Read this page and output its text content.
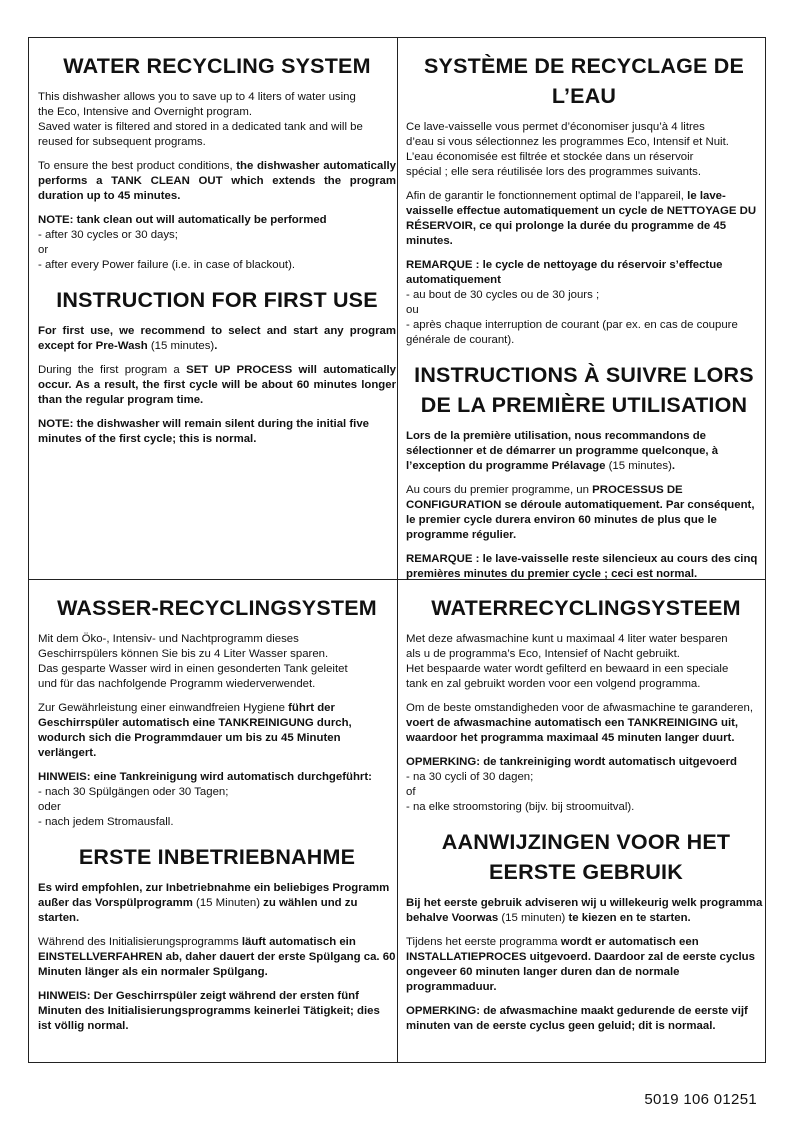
WATER RECYCLING SYSTEM

This dishwasher allows you to save up to 4 liters of water using
the Eco, Intensive and Overnight program.
Saved water is filtered and stored in a dedicated tank and will be
reused for subsequent programs.

To ensure the best product conditions, the dishwasher automatically performs a TANK CLEAN OUT which extends the program duration up to 45 minutes.

NOTE: tank clean out will automatically be performed
- after 30 cycles or 30 days;
or
- after every Power failure (i.e. in case of blackout).

INSTRUCTION FOR FIRST USE

For first use, we recommend to select and start any program except for Pre-Wash (15 minutes).

During the first program a SET UP PROCESS will automatically occur. As a result, the first cycle will be about 60 minutes longer than the regular program time.

NOTE: the dishwasher will remain silent during the initial five minutes of the first cycle; this is normal.

SYSTÈME DE RECYCLAGE DE L’EAU

Ce lave-vaisselle vous permet d’économiser jusqu’à 4 litres
d’eau si vous sélectionnez les programmes Eco, Intensif et Nuit.
L’eau économisée est filtrée et stockée dans un réservoir
spécial ; elle sera réutilisée lors des programmes suivants.

Afin de garantir le fonctionnement optimal de l’appareil, le lave-vaisselle effectue automatiquement un cycle de NETTOYAGE DU RÉSERVOIR, ce qui prolonge la durée du programme de 45 minutes.

REMARQUE : le cycle de nettoyage du réservoir s’effectue automatiquement
- au bout de 30 cycles ou de 30 jours ;
ou
- après chaque interruption de courant (par ex. en cas de coupure générale de courant).

INSTRUCTIONS À SUIVRE LORS DE LA PREMIÈRE UTILISATION

Lors de la première utilisation, nous recommandons de sélectionner et de démarrer un programme quelconque, à l’exception du programme Prélavage (15 minutes).

Au cours du premier programme, un PROCESSUS DE CONFIGURATION se déroule automatiquement. Par conséquent, le premier cycle durera environ 60 minutes de plus que le programme régulier.

REMARQUE : le lave-vaisselle reste silencieux au cours des cinq premières minutes du premier cycle ; ceci est normal.

WASSER-RECYCLINGSYSTEM

Mit dem Öko-, Intensiv- und Nachtprogramm dieses
Geschirrspülers können Sie bis zu 4 Liter Wasser sparen.
Das gesparte Wasser wird in einen gesonderten Tank geleitet
und für das nachfolgende Programm wiederverwendet.

Zur Gewährleistung einer einwandfreien Hygiene führt der Geschirrspüler automatisch eine TANKREINIGUNG durch, wodurch sich die Programmdauer um bis zu 45 Minuten verlängert.

HINWEIS: eine Tankreinigung wird automatisch durchgeführt:
- nach 30 Spülgängen oder 30 Tagen;
oder
- nach jedem Stromausfall.

ERSTE INBETRIEBNAHME

Es wird empfohlen, zur Inbetriebnahme ein beliebiges Programm außer das Vorspülprogramm (15 Minuten) zu wählen und zu starten.

Während des Initialisierungsprogramms läuft automatisch ein EINSTELLVERFAHREN ab, daher dauert der erste Spülgang ca. 60 Minuten länger als ein normaler Spülgang.

HINWEIS: Der Geschirrspüler zeigt während der ersten fünf Minuten des Initialisierungsprogramms keinerlei Tätigkeit; dies ist völlig normal.

WATERRECYCLINGSYSTEEM

Met deze afwasmachine kunt u maximaal 4 liter water besparen
als u de programma’s Eco, Intensief of Nacht gebruikt.
Het bespaarde water wordt gefilterd en bewaard in een speciale
tank en zal gebruikt worden voor een volgend programma.

Om de beste omstandigheden voor de afwasmachine te garanderen, voert de afwasmachine automatisch een TANKREINIGING uit, waardoor het programma maximaal 45 minuten langer duurt.

OPMERKING: de tankreiniging wordt automatisch uitgevoerd
- na 30 cycli of 30 dagen;
of
- na elke stroomstoring (bijv. bij stroomuitval).

AANWIJZINGEN VOOR HET EERSTE GEBRUIK

Bij het eerste gebruik adviseren wij u willekeurig welk programma behalve Voorwas (15 minuten) te kiezen en te starten.

Tijdens het eerste programma wordt er automatisch een INSTALLATIEPROCES uitgevoerd. Daardoor zal de eerste cyclus ongeveer 60 minuten langer duren dan de normale programmaduur.

OPMERKING: de afwasmachine maakt gedurende de eerste vijf minuten van de eerste cyclus geen geluid; dit is normaal.

5019 106 01251
